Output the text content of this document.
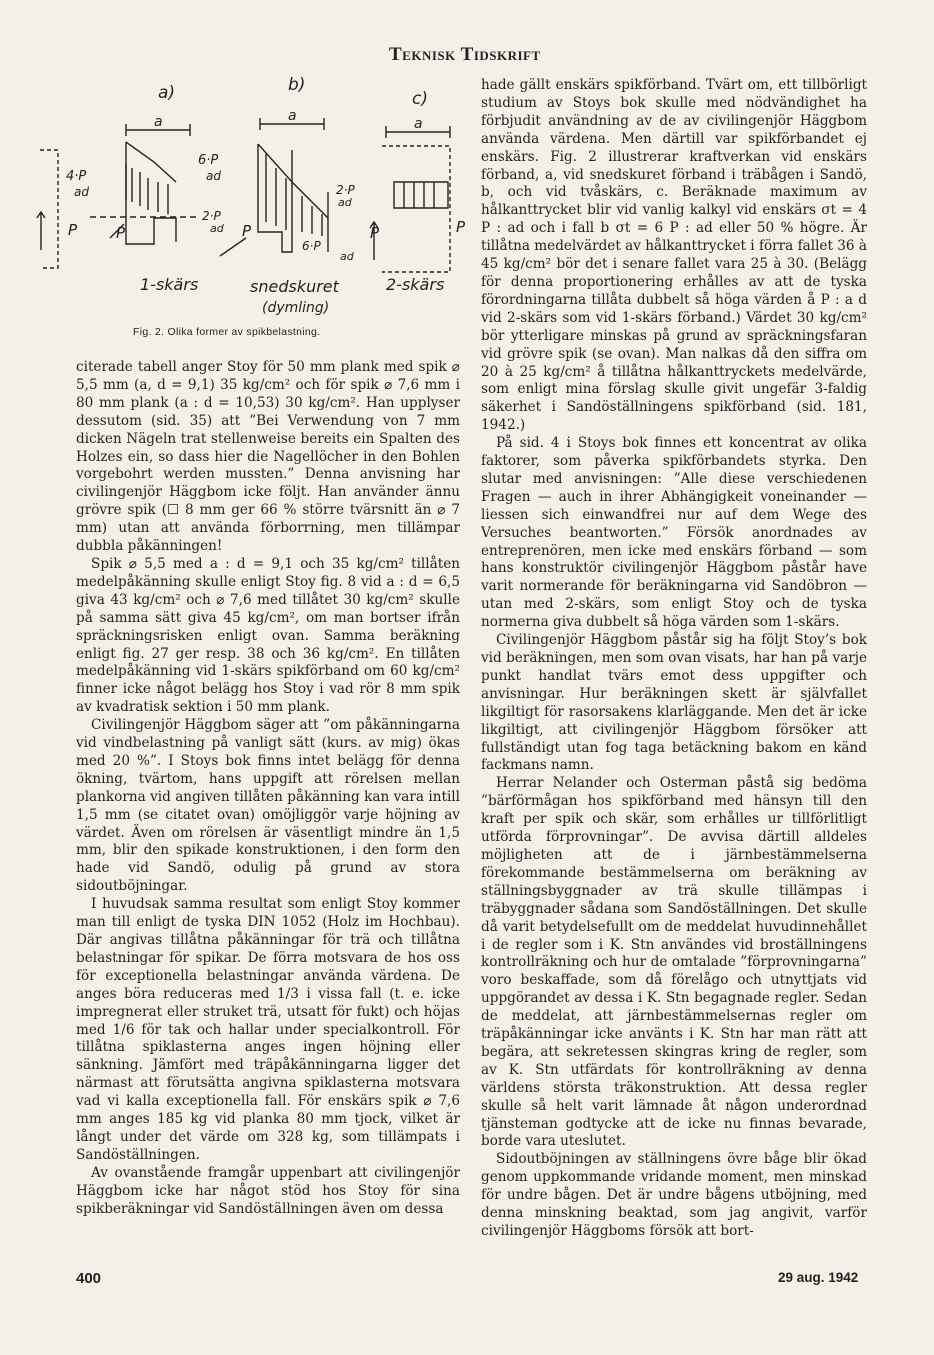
Teknisk Tidskrift
a)	b)
c)
a	a	a
4·P
ad
6·P
ad
2·P
ad
6·P
ad
2·P
ad
P	P	P	P	P
1-skärs	snedskuret
(dymling)
2-skärs
Fig. 2. Olika former av spikbelastning.

citerade tabell anger Stoy för 50 mm plank med spik ⌀ 5,5 mm (a, d = 9,1) 35 kg/cm² och för spik ⌀ 7,6 mm i 80 mm plank (a : d = 10,53) 30 kg/cm². Han upplyser dessutom (sid. 35) att ”Bei Verwendung von 7 mm dicken Nägeln trat stellenweise bereits ein Spalten des Holzes ein, so dass hier die Nagellöcher in den Bohlen vorgebohrt werden mussten.” Denna anvisning har civilingenjör Häggbom icke följt. Han använder ännu grövre spik (☐ 8 mm ger 66 % större tvärsnitt än ⌀ 7 mm) utan att använda förborrning, men tillämpar dubbla påkänningen!

Spik ⌀ 5,5 med a : d = 9,1 och 35 kg/cm² tillåten medelpåkänning skulle enligt Stoy fig. 8 vid a : d = 6,5 giva 43 kg/cm² och ⌀ 7,6 med tillåtet 30 kg/cm² skulle på samma sätt giva 45 kg/cm², om man bortser ifrån spräckningsrisken enligt ovan. Samma beräkning enligt fig. 27 ger resp. 38 och 36 kg/cm². En tillåten medelpåkänning vid 1-skärs spikförband om 60 kg/cm² finner icke något belägg hos Stoy i vad rör 8 mm spik av kvadratisk sektion i 50 mm plank.

Civilingenjör Häggbom säger att ”om påkänningarna vid vindbelastning på vanligt sätt (kurs. av mig) ökas med 20 %”. I Stoys bok finns intet belägg för denna ökning, tvärtom, hans uppgift att rörelsen mellan plankorna vid angiven tillåten påkänning kan vara intill 1,5 mm (se citatet ovan) omöjliggör varje höjning av värdet. Även om rörelsen är väsentligt mindre än 1,5 mm, blir den spikade konstruktionen, i den form den hade vid Sandö, odulig på grund av stora sidoutböjningar.

I huvudsak samma resultat som enligt Stoy kommer man till enligt de tyska DIN 1052 (Holz im Hochbau). Där angivas tillåtna påkänningar för trä och tillåtna belastningar för spikar. De förra motsvara de hos oss för exceptionella belastningar använda värdena. De anges böra reduceras med 1/3 i vissa fall (t. e. icke impregnerat eller struket trä, utsatt för fukt) och höjas med 1/6 för tak och hallar under specialkontroll. För tillåtna spiklasterna anges ingen höjning eller sänkning. Jämfört med träpåkänningarna ligger det närmast att förutsätta angivna spiklasterna motsvara vad vi kalla exceptionella fall. För enskärs spik ⌀ 7,6 mm anges 185 kg vid planka 80 mm tjock, vilket är långt under det värde om 328 kg, som tillämpats i Sandöställningen.

Av ovanstående framgår uppenbart att civilingenjör Häggbom icke har något stöd hos Stoy för sina spikberäkningar vid Sandöställningen även om dessa

hade gällt enskärs spikförband. Tvärt om, ett tillbörligt studium av Stoys bok skulle med nödvändighet ha förbjudit användning av de av civilingenjör Häggbom använda värdena. Men därtill var spikförbandet ej enskärs. Fig. 2 illustrerar kraftverkan vid enskärs förband, a, vid snedskuret förband i träbågen i Sandö, b, och vid tvåskärs, c. Beräknade maximum av hålkanttrycket blir vid vanlig kalkyl vid enskärs σt = 4 P : ad och i fall b σt = 6 P : ad eller 50 % högre. Är tillåtna medelvärdet av hålkanttrycket i förra fallet 36 à 45 kg/cm² bör det i senare fallet vara 25 à 30. (Belägg för denna proportionering erhålles av att de tyska förordningarna tillåta dubbelt så höga värden å P : a d vid 2-skärs som vid 1-skärs förband.) Värdet 30 kg/cm² bör ytterligare minskas på grund av spräckningsfaran vid grövre spik (se ovan). Man nalkas då den siffra om 20 à 25 kg/cm² å tillåtna hålkanttryckets medelvärde, som enligt mina förslag skulle givit ungefär 3-faldig säkerhet i Sandöställningens spikförband (sid. 181, 1942.)

På sid. 4 i Stoys bok finnes ett koncentrat av olika faktorer, som påverka spikförbandets styrka. Den slutar med anvisningen: ”Alle diese verschiedenen Fragen — auch in ihrer Abhängigkeit voneinander — liessen sich einwandfrei nur auf dem Wege des Versuches beantworten.” Försök anordnades av entreprenören, men icke med enskärs förband — som hans konstruktör civilingenjör Häggbom påstår have varit normerande för beräkningarna vid Sandöbron — utan med 2-skärs, som enligt Stoy och de tyska normerna giva dubbelt så höga värden som 1-skärs.

Civilingenjör Häggbom påstår sig ha följt Stoy’s bok vid beräkningen, men som ovan visats, har han på varje punkt handlat tvärs emot dess uppgifter och anvisningar. Hur beräkningen skett är självfallet likgiltigt för rasorsakens klarläggande. Men det är icke likgiltigt, att civilingenjör Häggbom försöker att fullständigt utan fog taga betäckning bakom en känd fackmans namn.

Herrar Nelander och Osterman påstå sig bedöma ”bärförmågan hos spikförband med hänsyn till den kraft per spik och skär, som erhålles ur tillförlitligt utförda förprovningar”. De avvisa därtill alldeles möjligheten att de i järnbestämmelserna förekommande bestämmelserna om beräkning av ställningsbyggnader av trä skulle tillämpas i träbyggnader sådana som Sandöställningen. Det skulle då varit betydelsefullt om de meddelat huvudinnehållet i de regler som i K. Stn användes vid broställningens kontrollräkning och hur de omtalade ”förprovningarna” voro beskaffade, som då förelågo och utnyttjats vid uppgörandet av dessa i K. Stn begagnade regler. Sedan de meddelat, att järnbestämmelsernas regler om träpåkänningar icke använts i K. Stn har man rätt att begära, att sekretessen skingras kring de regler, som av K. Stn utfärdats för kontrollräkning av denna världens största träkonstruktion. Att dessa regler skulle så helt varit lämnade åt någon underordnad tjänsteman godtycke att de icke nu finnas bevarade, borde vara uteslutet.

Sidoutböjningen av ställningens övre båge blir ökad genom uppkommande vridande moment, men minskad för undre bågen. Det är undre bågens utböjning, med denna minskning beaktad, som jag angivit, varför civilingenjör Häggboms försök att bort-

400	29 aug. 1942
